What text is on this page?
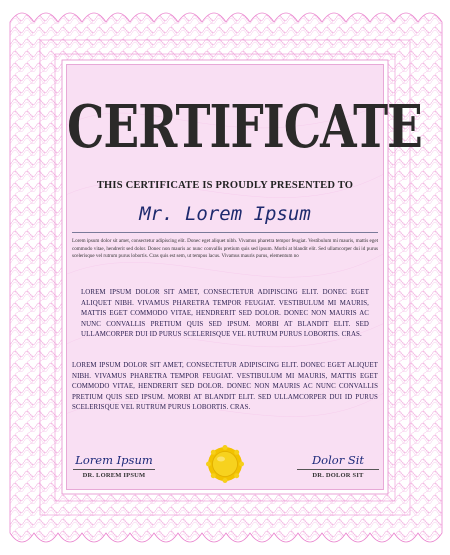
CERTIFICATE
THIS CERTIFICATE IS PROUDLY PRESENTED TO
Mr. Lorem Ipsum
Lorem ipsum dolor sit amet, consectetur adipiscing elit. Donec eget aliquet nibh. Vivamus pharetra tempor feugiat. Vestibulum mi mauris, mattis eget commodo vitae, hendrerit sed dolor. Donec non mauris ac nunc convallis pretium quis sed ipsum. Morbi at blandit elit. Sed ullamcorper dui id purus scelerisque vel rutrum purus lobortis. Cras quis est sem, ut tempus lacus. Vivamus mauris purus, elementum no
LOREM IPSUM DOLOR SIT AMET, CONSECTETUR ADIPISCING ELIT. DONEC EGET ALIQUET NIBH. VIVAMUS PHARETRA TEMPOR FEUGIAT. VESTIBULUM MI MAURIS, MATTIS EGET COMMODO VITAE, HENDRERIT SED DOLOR. DONEC NON MAURIS AC NUNC CONVALLIS PRETIUM QUIS SED IPSUM. MORBI AT BLANDIT ELIT. SED ULLAMCORPER DUI ID PURUS SCELERISQUE VEL RUTRUM PURUS LOBORTIS. CRAS.
LOREM IPSUM DOLOR SIT AMET, CONSECTETUR ADIPISCING ELIT. DONEC EGET ALIQUET NIBH. VIVAMUS PHARETRA TEMPOR FEUGIAT. VESTIBULUM MI MAURIS, MATTIS EGET COMMODO VITAE, HENDRERIT SED DOLOR. DONEC NON MAURIS AC NUNC CONVALLIS PRETIUM QUIS SED IPSUM. MORBI AT BLANDIT ELIT. SED ULLAMCORPER DUI ID PURUS SCELERISQUE VEL RUTRUM PURUS LOBORTIS. CRAS.
Lorem Ipsum
DR. LOREM IPSUM
Dolor Sit
DR. DOLOR SIT
